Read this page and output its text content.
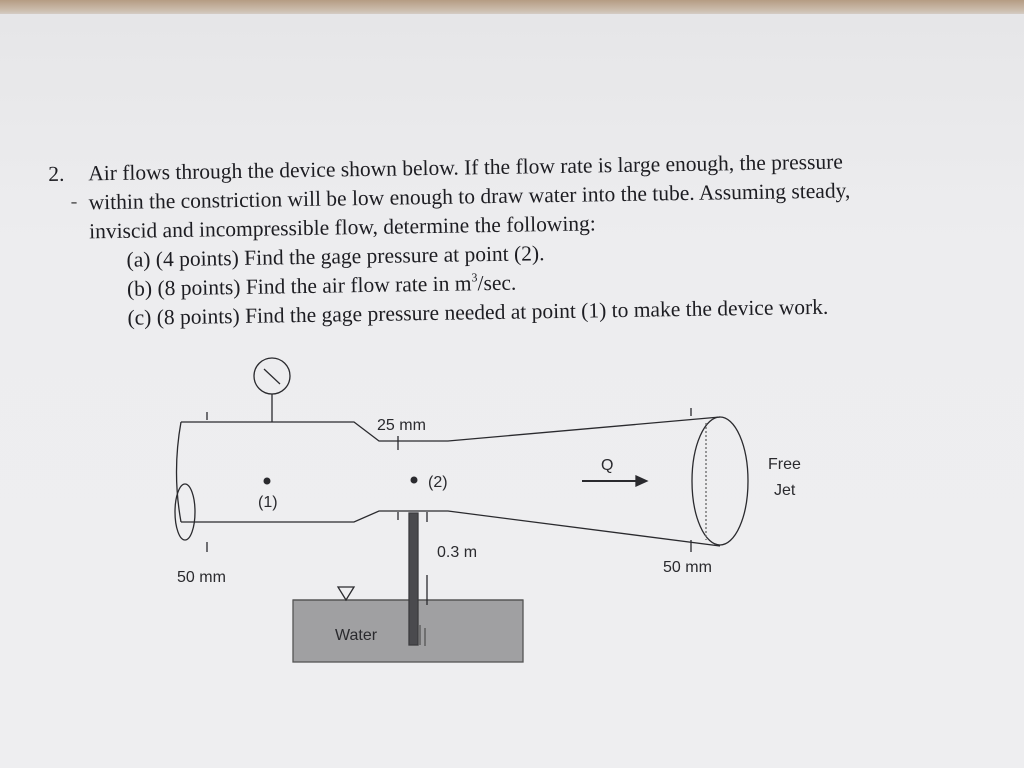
2.
-
Air flows through the device shown below. If the flow rate is large enough, the pressure
within the constriction will be low enough to draw water into the tube. Assuming steady,
inviscid and incompressible flow, determine the following:
(a) (4 points) Find the gage pressure at point (2).
(b) (8 points) Find the air flow rate in $m^3/\sec$.
(c) (8 points) Find the gage pressure needed at point (1) to make the device work.
25 mm
(2)
(1)
Q	Free
Jet
0.3 m
50 mm
50 mm
Water
